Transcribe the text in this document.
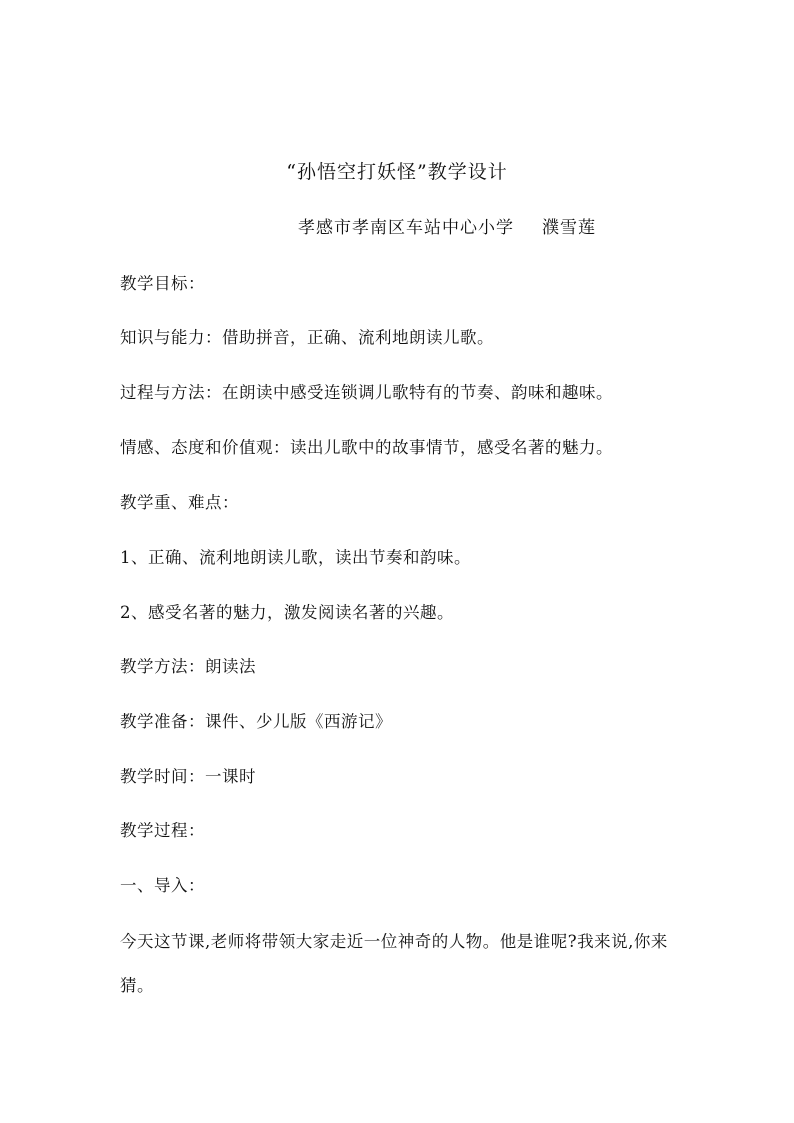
“孙悟空打妖怪”教学设计
孝感市孝南区车站中心小学 濮雪莲
教学目标：
知识与能力：借助拼音，正确、流利地朗读儿歌。
过程与方法：在朗读中感受连锁调儿歌特有的节奏、韵味和趣味。
情感、态度和价值观：读出儿歌中的故事情节，感受名著的魅力。
教学重、难点：
1、正确、流利地朗读儿歌，读出节奏和韵味。
2、感受名著的魅力，激发阅读名著的兴趣。
教学方法：朗读法
教学准备：课件、少儿版《西游记》
教学时间：一课时
教学过程：
一、导入：
今天这节课,老师将带领大家走近一位神奇的人物。他是谁呢?我来说,你来猜。
